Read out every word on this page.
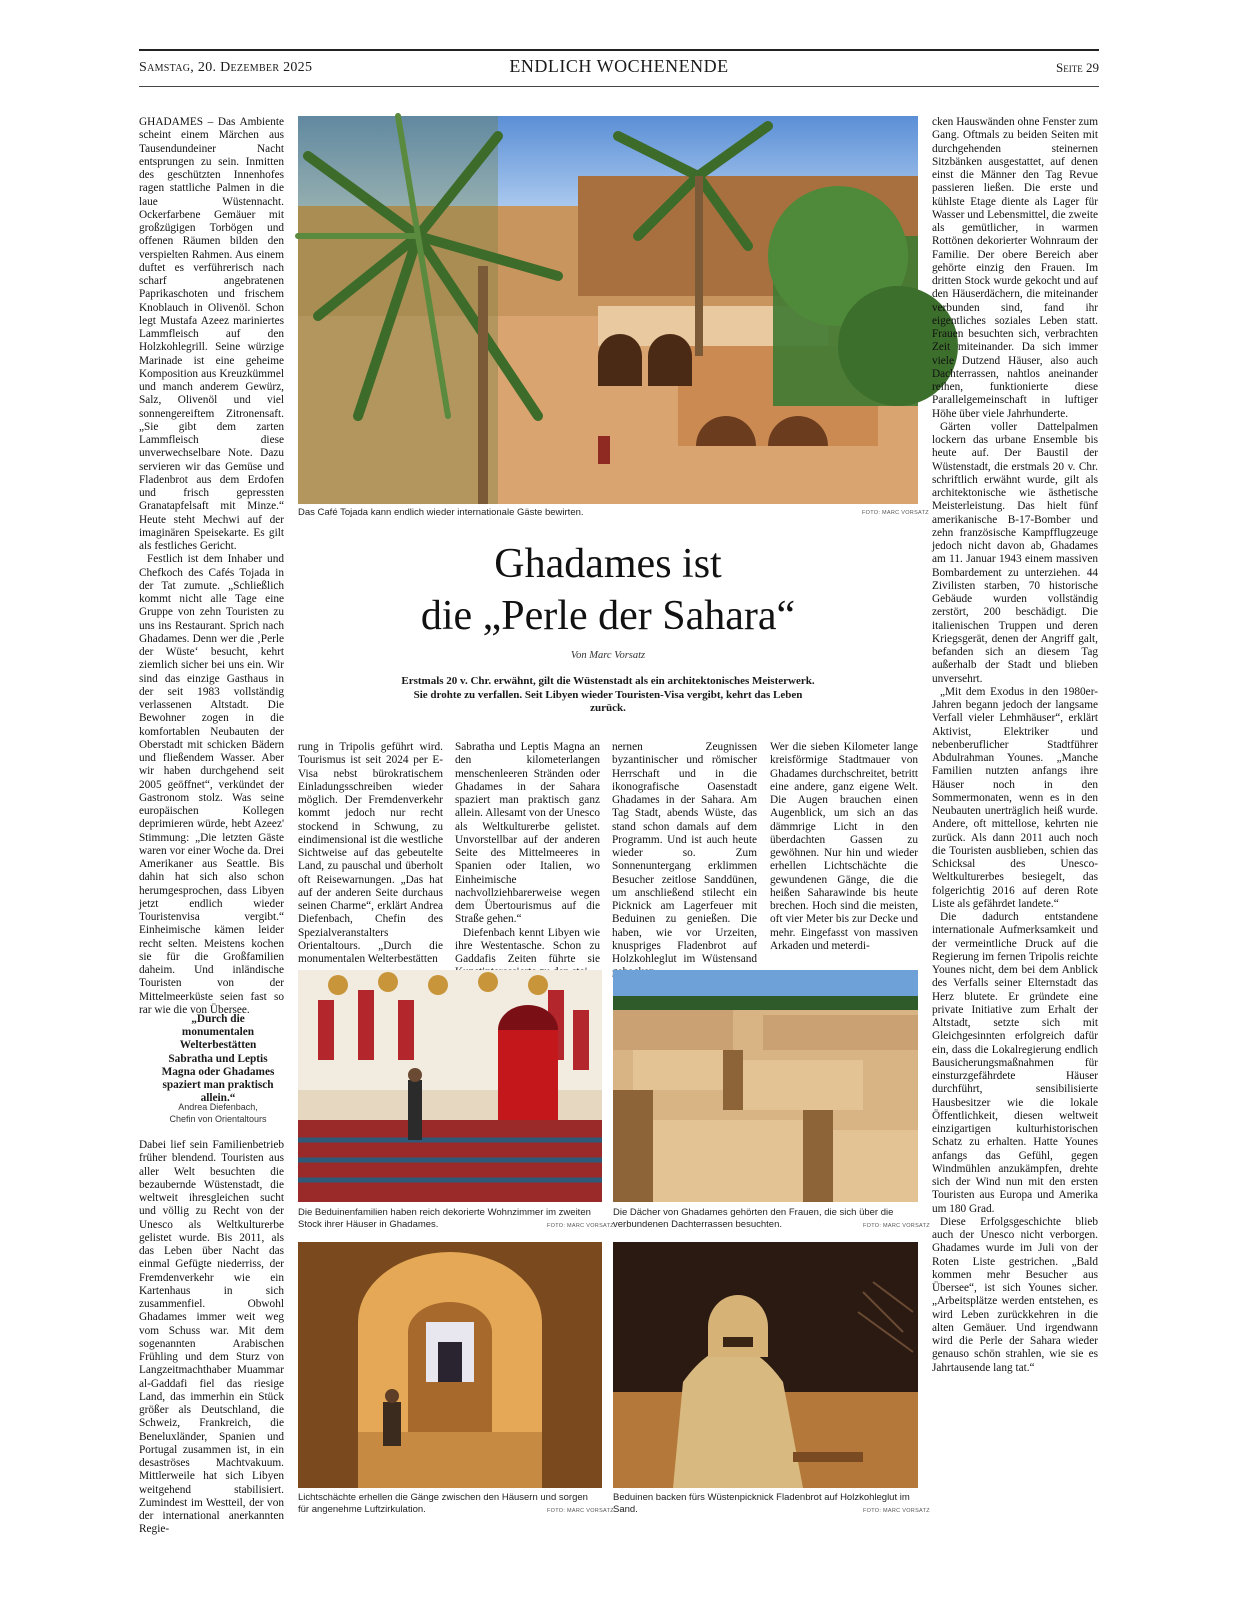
Samstag, 20. Dezember 2025	ENDLICH WOCHENENDE	Seite 29

GHADAMES – Das Ambiente scheint einem Märchen aus Tausendundeiner Nacht entsprungen zu sein. Inmitten des geschützten Innenhofes ragen stattliche Palmen in die laue Wüstennacht. Ockerfarbene Gemäuer mit großzügigen Torbögen und offenen Räumen bilden den verspielten Rahmen. Aus einem duftet es verführerisch nach scharf angebratenen Paprikaschoten und frischem Knoblauch in Olivenöl. Schon legt Mustafa Azeez mariniertes Lammfleisch auf den Holzkohlegrill. Seine würzige Marinade ist eine geheime Komposition aus Kreuzkümmel und manch anderem Gewürz, Salz, Olivenöl und viel sonnengereiftem Zitronensaft. „Sie gibt dem zarten Lammfleisch diese unverwechselbare Note. Dazu servieren wir das Gemüse und Fladenbrot aus dem Erdofen und frisch gepressten Granatapfelsaft mit Minze.“ Heute steht Mechwi auf der imaginären Speisekarte. Es gilt als festliches Gericht.

Festlich ist dem Inhaber und Chefkoch des Cafés Tojada in der Tat zumute. „Schließlich kommt nicht alle Tage eine Gruppe von zehn Touristen zu uns ins Restaurant. Sprich nach Ghadames. Denn wer die ‚Perle der Wüste‘ besucht, kehrt ziemlich sicher bei uns ein. Wir sind das einzige Gasthaus in der seit 1983 vollständig verlassenen Altstadt. Die Bewohner zogen in die komfortablen Neubauten der Oberstadt mit schicken Bädern und fließendem Wasser. Aber wir haben durchgehend seit 2005 geöffnet“, verkündet der Gastronom stolz. Was seine europäischen Kollegen deprimieren würde, hebt Azeez' Stimmung: „Die letzten Gäste waren vor einer Woche da. Drei Amerikaner aus Seattle. Bis dahin hat sich also schon herumgesprochen, dass Libyen jetzt endlich wieder Touristenvisa vergibt.“ Einheimische kämen leider recht selten. Meistens kochen sie für die Großfamilien daheim. Und inländische Touristen von der Mittelmeerküste seien fast so rar wie die von Übersee.

„Durch die monumentalen Welterbestätten Sabratha und Leptis Magna oder Ghadames spaziert man praktisch allein.“
Andrea Diefenbach,
Chefin von Orientaltours

Dabei lief sein Familienbetrieb früher blendend. Touristen aus aller Welt besuchten die bezaubernde Wüstenstadt, die weltweit ihresgleichen sucht und völlig zu Recht von der Unesco als Weltkulturerbe gelistet wurde. Bis 2011, als das Leben über Nacht das einmal Gefügte niederriss, der Fremdenverkehr wie ein Kartenhaus in sich zusammenfiel. Obwohl Ghadames immer weit weg vom Schuss war. Mit dem sogenannten Arabischen Frühling und dem Sturz von Langzeitmachthaber Muammar al-Gaddafi fiel das riesige Land, das immerhin ein Stück größer als Deutschland, die Schweiz, Frankreich, die Beneluxländer, Spanien und Portugal zusammen ist, in ein desaströses Machtvakuum. Mittlerweile hat sich Libyen weitgehend stabilisiert. Zumindest im Westteil, der von der international anerkannten Regie-

Das Café Tojada kann endlich wieder internationale Gäste bewirten.	FOTO: MARC VORSATZ
Ghadames ist
die „Perle der Sahara“
Von Marc Vorsatz
Erstmals 20 v. Chr. erwähnt, gilt die Wüstenstadt als ein architektonisches Meisterwerk. Sie drohte zu verfallen. Seit Libyen wieder Touristen-Visa vergibt, kehrt das Leben zurück.

rung in Tripolis geführt wird. Tourismus ist seit 2024 per E-Visa nebst bürokratischem Einladungsschreiben wieder möglich. Der Fremdenverkehr kommt jedoch nur recht stockend in Schwung, zu eindimensional ist die westliche Sichtweise auf das gebeutelte Land, zu pauschal und überholt oft Reisewarnungen. „Das hat auf der anderen Seite durchaus seinen Charme“, erklärt Andrea Diefenbach, Chefin des Spezialveranstalters Orientaltours. „Durch die monumentalen Welterbestätten

Sabratha und Leptis Magna an den kilometerlangen menschenleeren Stränden oder Ghadames in der Sahara spaziert man praktisch ganz allein. Allesamt von der Unesco als Weltkulturerbe gelistet. Unvorstellbar auf der anderen Seite des Mittelmeeres in Spanien oder Italien, wo Einheimische nachvollziehbarerweise wegen dem Übertourismus auf die Straße gehen.“

Diefenbach kennt Libyen wie ihre Westentasche. Schon zu Gaddafis Zeiten führte sie

nernen Zeugnissen byzantinischer und römischer Herrschaft und in die ikonografische Oasenstadt Ghadames in der Sahara. Am Tag Stadt, abends Wüste, das stand schon damals auf dem Programm. Und ist auch heute wieder so. Zum Sonnenuntergang erklimmen Besucher zeitlose Sanddünen, um anschließend stilecht ein Picknick am Lagerfeuer mit Beduinen zu genießen. Die haben, wie vor Urzeiten, knuspriges Fladenbrot auf Holzkohleglut im Wüstensand

Wer die sieben Kilometer lange kreisförmige Stadtmauer von Ghadames durchschreitet, betritt eine andere, ganz eigene Welt. Die Augen brauchen einen Augenblick, um sich an das dämmrige Licht in den überdachten Gassen zu gewöhnen. Nur hin und wieder erhellen Lichtschächte die gewundenen Gänge, die die heißen Saharawinde bis heute brechen. Hoch sind die meisten, oft vier Meter bis zur Decke und mehr. Eingefasst von massiven Arkaden und meterdi-

cken Hauswänden ohne Fenster zum Gang. Oftmals zu beiden Seiten mit durchgehenden steinernen Sitzbänken ausgestattet, auf denen einst die Männer den Tag Revue passieren ließen. Die erste und kühlste Etage diente als Lager für Wasser und Lebensmittel, die zweite als gemütlicher, in warmen Rottönen dekorierter Wohnraum der Familie. Der obere Bereich aber gehörte einzig den Frauen. Im dritten Stock wurde gekocht und auf den Häuserdächern, die miteinander verbunden sind, fand ihr eigentliches soziales Leben statt. Frauen besuchten sich, verbrachten Zeit miteinander. Da sich immer viele Dutzend Häuser, also auch Dachterrassen, nahtlos aneinander reihen, funktionierte diese Parallelgemeinschaft in luftiger Höhe über viele Jahrhunderte.

Gärten voller Dattelpalmen lockern das urbane Ensemble bis heute auf. Der Baustil der Wüstenstadt, die erstmals 20 v. Chr. schriftlich erwähnt wurde, gilt als architektonische wie ästhetische Meisterleistung. Das hielt fünf amerikanische B-17-Bomber und zehn französische Kampfflugzeuge jedoch nicht davon ab, Ghadames am 11. Januar 1943 einem massiven Bombardement zu unterziehen. 44 Zivilisten starben, 70 historische Gebäude wurden vollständig zerstört, 200 beschädigt. Die italienischen Truppen und deren Kriegsgerät, denen der Angriff galt, befanden sich an diesem Tag außerhalb der Stadt und blieben unversehrt.

„Mit dem Exodus in den 1980er-Jahren begann jedoch der langsame Verfall vieler Lehmhäuser“, erklärt Aktivist, Elektriker und nebenberuflicher Stadtführer Abdulrahman Younes. „Manche Familien nutzten anfangs ihre Häuser noch in den Sommermonaten, wenn es in den Neubauten unerträglich heiß wurde. Andere, oft mittellose, kehrten nie zurück. Als dann 2011 auch noch die Touristen ausblieben, schien das Schicksal des Unesco-Weltkulturerbes besiegelt, das folgerichtig 2016 auf deren Rote Liste als gefährdet landete.“

Die dadurch entstandene internationale Aufmerksamkeit und der vermeintliche Druck auf die Regierung im fernen Tripolis reichte Younes nicht, dem bei dem Anblick des Verfalls seiner Elternstadt das Herz blutete. Er gründete eine private Initiative zum Erhalt der Altstadt, setzte sich mit Gleichgesinnten erfolgreich dafür ein, dass die Lokalregierung endlich Bausicherungsmaßnahmen für einsturzgefährdete Häuser durchführt, sensibilisierte Hausbesitzer wie die lokale Öffentlichkeit, diesen weltweit einzigartigen kulturhistorischen Schatz zu erhalten. Hatte Younes anfangs das Gefühl, gegen Windmühlen anzukämpfen, drehte sich der Wind nun mit den ersten Touristen aus Europa und Amerika um 180 Grad.

Diese Erfolgsgeschichte blieb auch der Unesco nicht verborgen. Ghadames wurde im Juli von der Roten Liste gestrichen. „Bald kommen mehr Besucher aus Übersee“, ist sich Younes sicher. „Arbeitsplätze werden entstehen, es wird Leben zurückkehren in die alten Gemäuer. Und irgendwann wird die Perle der Sahara wieder genauso schön strahlen, wie sie es Jahrtausende lang tat.“

Die Beduinenfamilien haben reich dekorierte Wohnzimmer im zweiten Stock ihrer Häuser in Ghadames.	FOTO: MARC VORSATZ
Die Dächer von Ghadames gehörten den Frauen, die sich über die verbundenen Dachterrassen besuchten.	FOTO: MARC VORSATZ
Lichtschächte erhellen die Gänge zwischen den Häusern und sorgen für angenehme Luftzirkulation.	FOTO: MARC VORSATZ
Beduinen backen fürs Wüstenpicknick Fladenbrot auf Holzkohleglut im Sand.	FOTO: MARC VORSATZ
